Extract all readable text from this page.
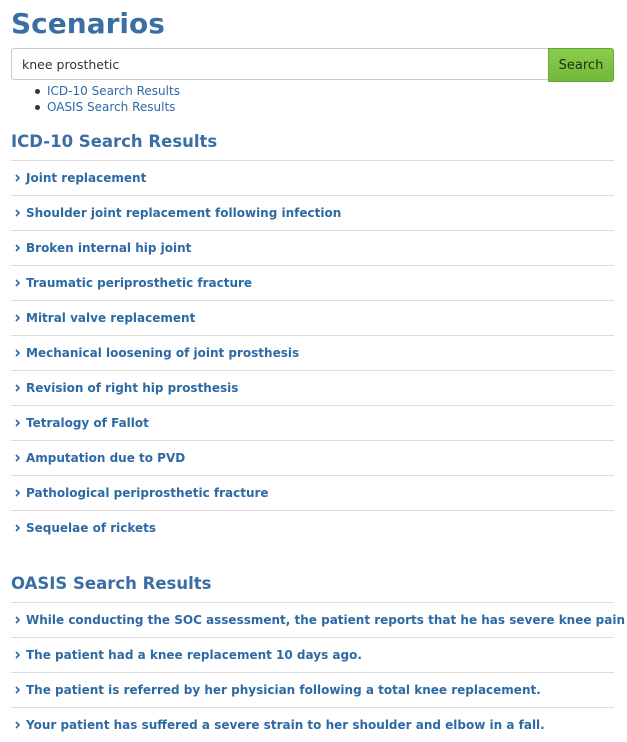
Scenarios
knee prosthetic
Search
ICD-10 Search Results
OASIS Search Results
ICD-10 Search Results
Joint replacement
Shoulder joint replacement following infection
Broken internal hip joint
Traumatic periprosthetic fracture
Mitral valve replacement
Mechanical loosening of joint prosthesis
Revision of right hip prosthesis
Tetralogy of Fallot
Amputation due to PVD
Pathological periprosthetic fracture
Sequelae of rickets
OASIS Search Results
While conducting the SOC assessment, the patient reports that he has severe knee pain
The patient had a knee replacement 10 days ago.
The patient is referred by her physician following a total knee replacement.
Your patient has suffered a severe strain to her shoulder and elbow in a fall.
